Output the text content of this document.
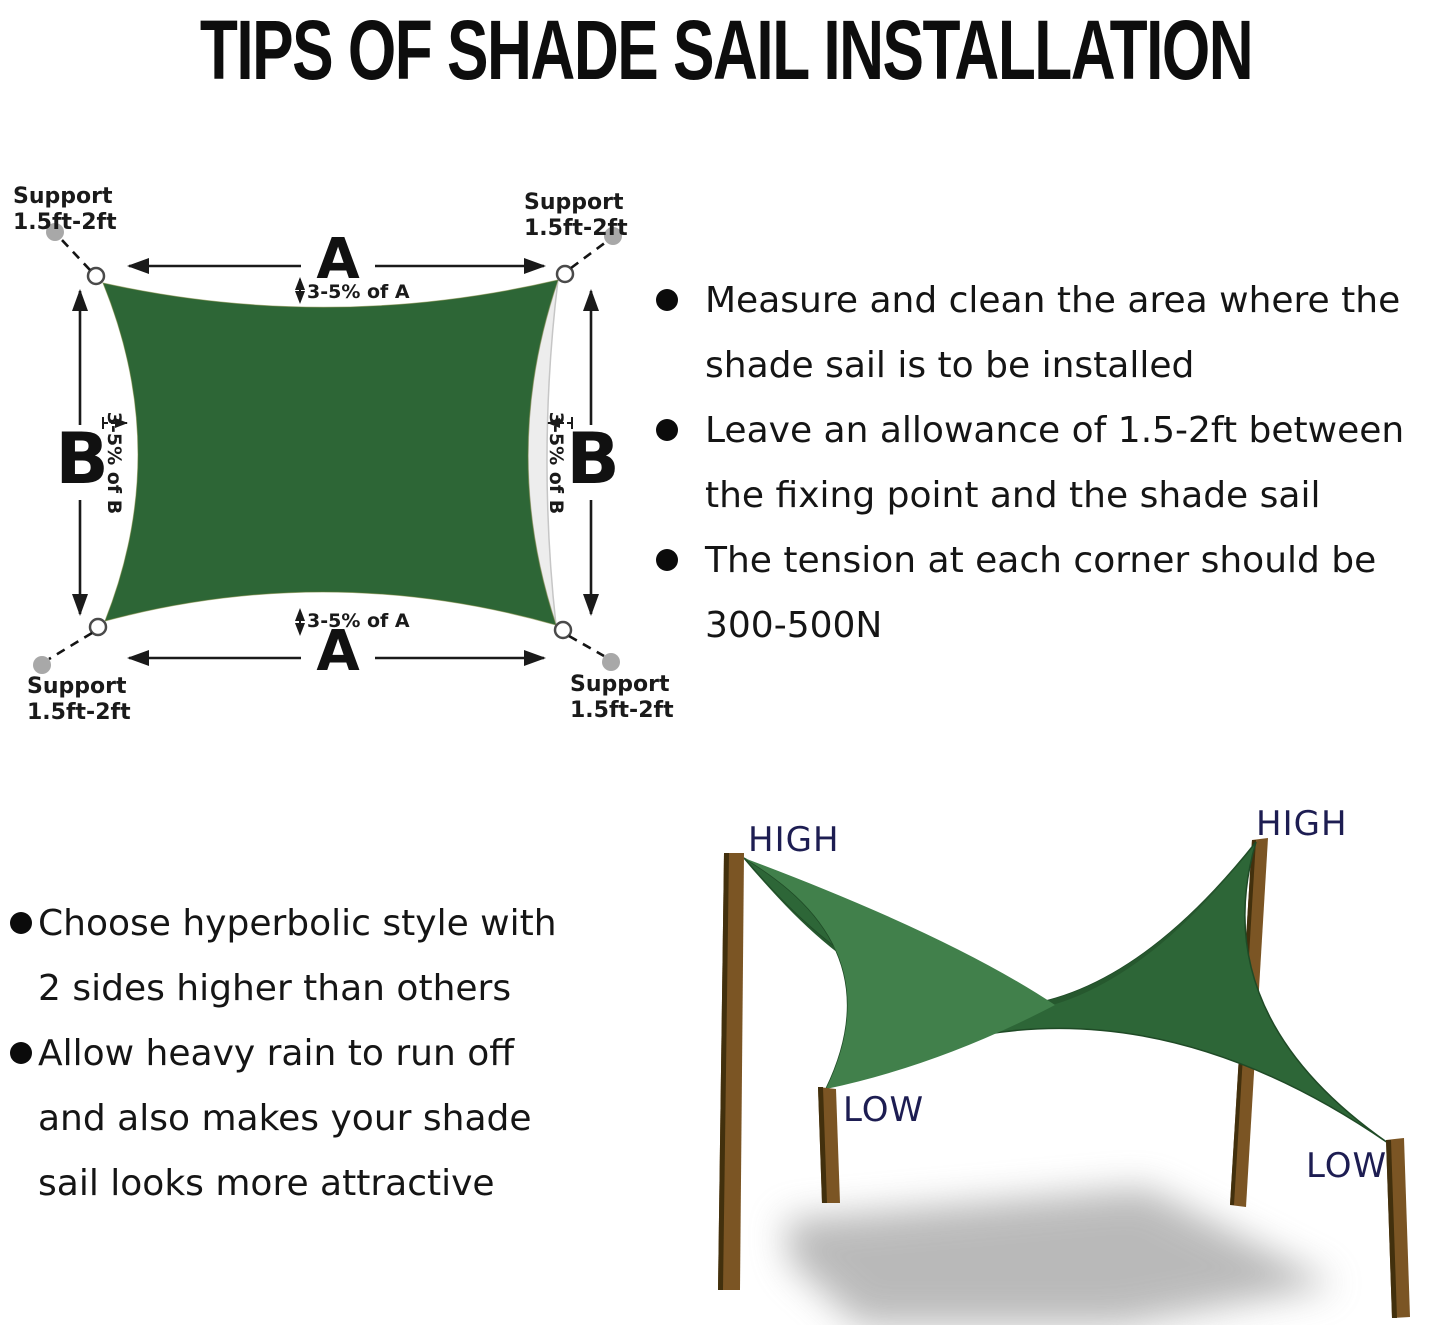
TIPS OF SHADE SAIL INSTALLATION
Support
1.5ft-2ft
Support
1.5ft-2ft
Support
1.5ft-2ft
Support
1.5ft-2ft
A
A
B	B
3-5% of A
3-5% of A
3-5% of B	3-5% of B
Measure and clean the area where the
shade sail is to be installed
Leave an allowance of 1.5-2ft between
the fixing point and the shade sail
The tension at each corner should be
300-500N
Choose hyperbolic style with
2 sides higher than others
Allow heavy rain to run off
and also makes your shade
sail looks more attractive
HIGH	HIGH
LOW
LOW
